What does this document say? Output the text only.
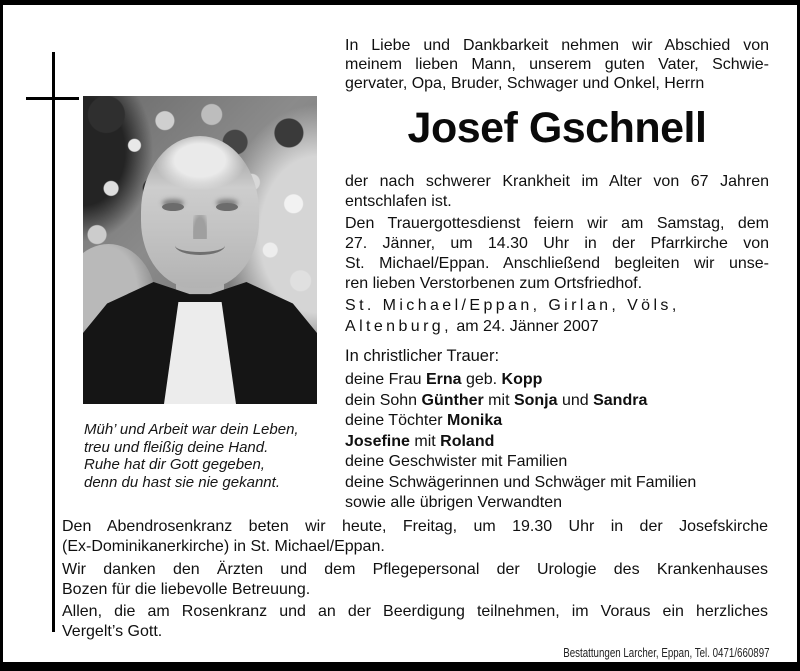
Müh’ und Arbeit war dein Leben,
treu und fleißig deine Hand.
Ruhe hat dir Gott gegeben,
denn du hast sie nie gekannt.
In Liebe und Dankbarkeit nehmen wir Abschied von
meinem lieben Mann, unserem guten Vater, Schwie-
gervater, Opa, Bruder, Schwager und Onkel, Herrn
Josef Gschnell
der nach schwerer Krankheit im Alter von 67 Jahren
entschlafen ist.
Den Trauergottesdienst feiern wir am Samstag, dem
27. Jänner, um 14.30 Uhr in der Pfarrkirche von
St. Michael/Eppan. Anschließend begleiten wir unse-
ren lieben Verstorbenen zum Ortsfriedhof.
St. Michael/Eppan, Girlan, Völs,
Altenburg, am 24. Jänner 2007
In christlicher Trauer:
deine Frau Erna geb. Kopp
dein Sohn Günther mit Sonja und Sandra
deine Töchter Monika
Josefine mit Roland
deine Geschwister mit Familien
deine Schwägerinnen und Schwäger mit Familien
sowie alle übrigen Verwandten
Den Abendrosenkranz beten wir heute, Freitag, um 19.30 Uhr in der Josefskirche
(Ex-Dominikanerkirche) in St. Michael/Eppan.
Wir danken den Ärzten und dem Pflegepersonal der Urologie des Krankenhauses
Bozen für die liebevolle Betreuung.
Allen, die am Rosenkranz und an der Beerdigung teilnehmen, im Voraus ein herzliches
Vergelt’s Gott.
Bestattungen Larcher, Eppan, Tel. 0471/660897
